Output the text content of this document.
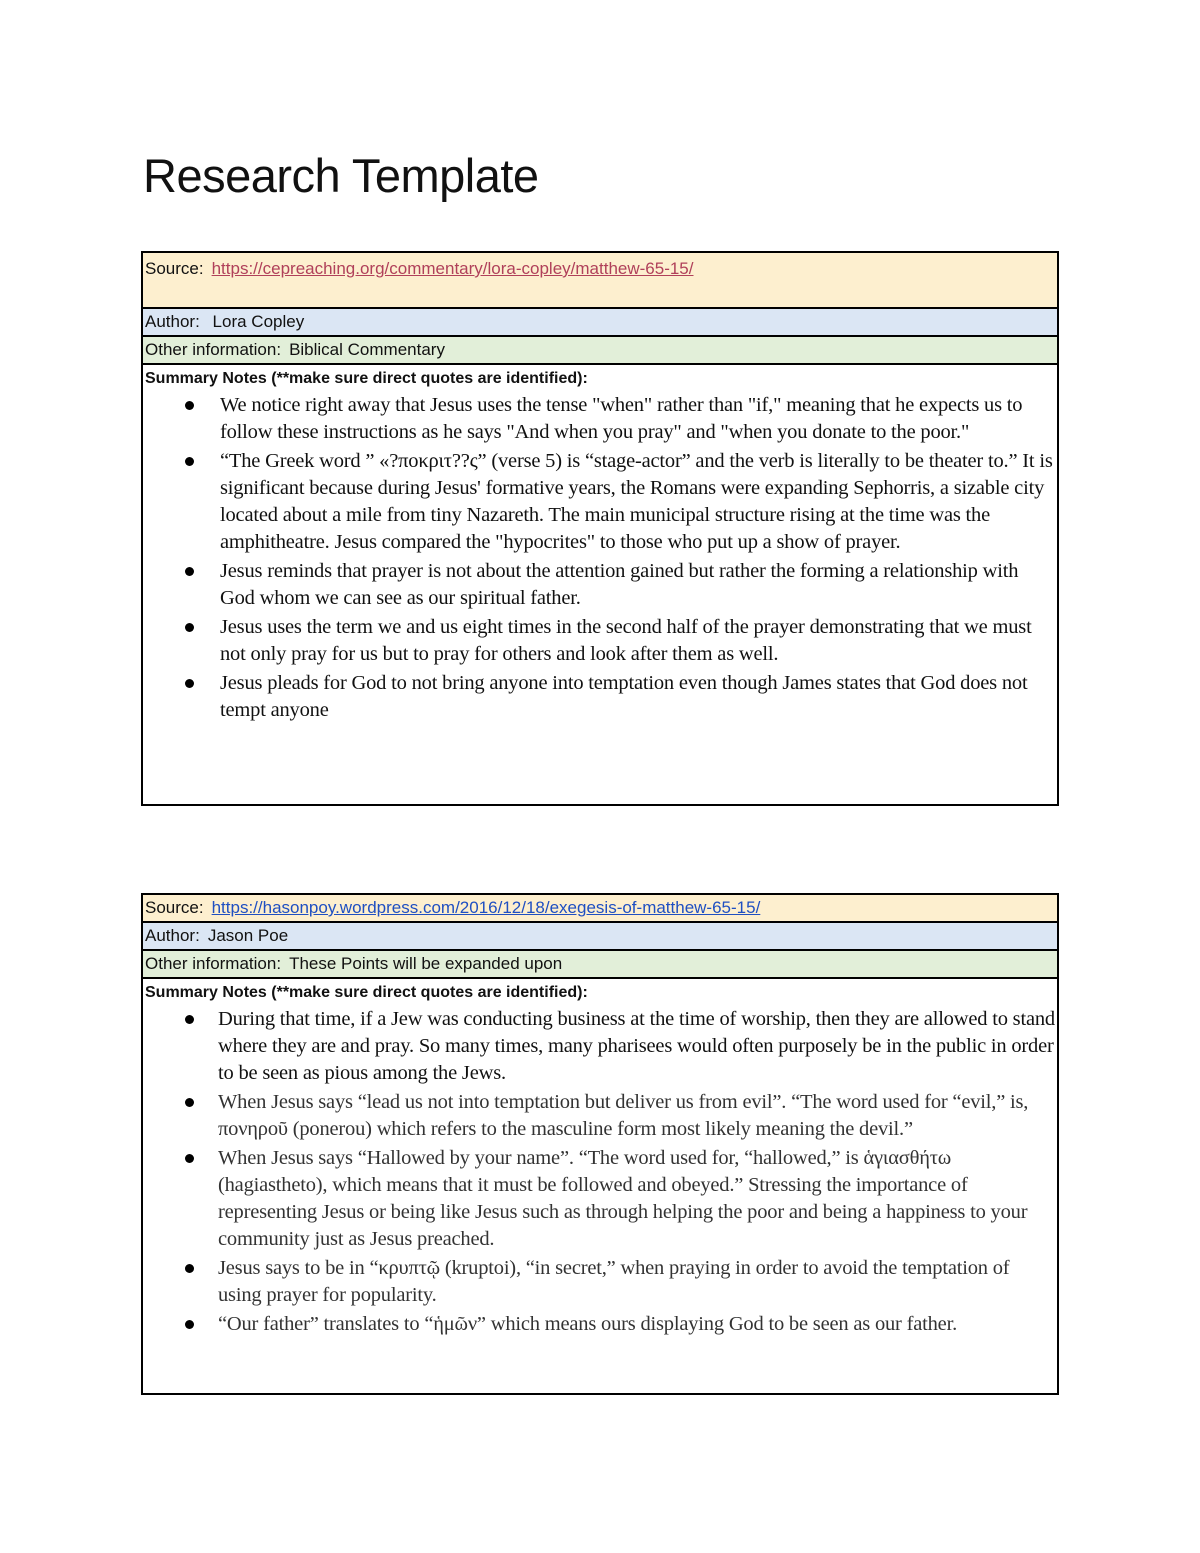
Research Template
Source: https://cepreaching.org/commentary/lora-copley/matthew-65-15/
Author: Lora Copley
Other information: Biblical Commentary
Summary Notes (**make sure direct quotes are identified):
We notice right away that Jesus uses the tense "when" rather than "if," meaning that he expects us to follow these instructions as he says "And when you pray" and "when you donate to the poor."
“The Greek word ” «?ποκριτ??ς” (verse 5) is “stage-actor” and the verb is literally to be theater to.” It is significant because during Jesus' formative years, the Romans were expanding Sephorris, a sizable city located about a mile from tiny Nazareth. The main municipal structure rising at the time was the amphitheatre. Jesus compared the "hypocrites" to those who put up a show of prayer.
Jesus reminds that prayer is not about the attention gained but rather the forming a relationship with God whom we can see as our spiritual father.
Jesus uses the term we and us eight times in the second half of the prayer demonstrating that we must not only pray for us but to pray for others and look after them as well.
Jesus pleads for God to not bring anyone into temptation even though James states that God does not tempt anyone
Source: https://hasonpoy.wordpress.com/2016/12/18/exegesis-of-matthew-65-15/
Author: Jason Poe
Other information: These Points will be expanded upon
Summary Notes (**make sure direct quotes are identified):
During that time, if a Jew was conducting business at the time of worship, then they are allowed to stand where they are and pray. So many times, many pharisees would often purposely be in the public in order to be seen as pious among the Jews.
When Jesus says “lead us not into temptation but deliver us from evil”. “The word used for “evil,” is, πονηροῦ (ponerou) which refers to the masculine form most likely meaning the devil.”
When Jesus says “Hallowed by your name”. “The word used for, “hallowed,” is ἁγιασθήτω (hagiastheto), which means that it must be followed and obeyed.” Stressing the importance of representing Jesus or being like Jesus such as through helping the poor and being a happiness to your community just as Jesus preached.
Jesus says to be in “κρυπτῷ (kruptoi), “in secret,” when praying in order to avoid the temptation of using prayer for popularity.
“Our father” translates to “ἡμῶν” which means ours displaying God to be seen as our father.
